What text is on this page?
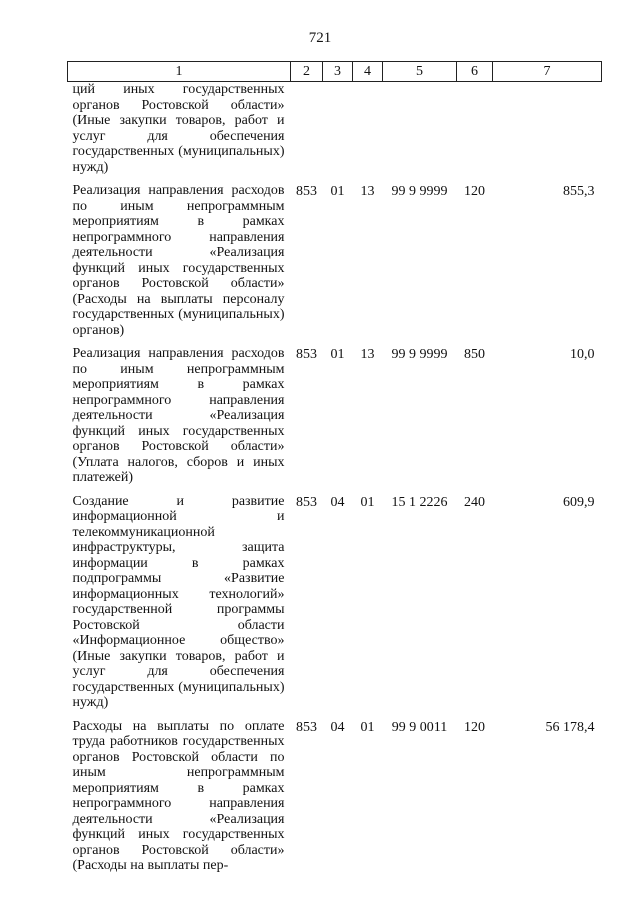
721
1	2	3	4	5	6	7
ций иных государственных органов Ростовской области» (Иные закупки товаров, работ и услуг для обеспечения государственных (муниципальных) нужд)						
Реализация направления расходов по иным непрограммным мероприятиям в рамках непрограммного направления деятельности «Реализация функций иных государственных органов Ростовской области» (Расходы на выплаты персоналу государственных (муниципальных) органов)	853	01	13	99 9 9999	120	855,3
Реализация направления расходов по иным непрограммным мероприятиям в рамках непрограммного направления деятельности «Реализация функций иных государственных органов Ростовской области» (Уплата налогов, сборов и иных платежей)	853	01	13	99 9 9999	850	10,0
Создание и развитие информационной и телекоммуникационной инфраструктуры, защита информации в рамках подпрограммы «Развитие информационных технологий» государственной программы Ростовской области «Информационное общество» (Иные закупки товаров, работ и услуг для обеспечения государственных (муниципальных) нужд)	853	04	01	15 1 2226	240	609,9
Расходы на выплаты по оплате труда работников государственных органов Ростовской области по иным непрограммным мероприятиям в рамках непрограммного направления деятельности «Реализация функций иных государственных органов Ростовской области» (Расходы на выплаты пер-	853	04	01	99 9 0011	120	56 178,4
